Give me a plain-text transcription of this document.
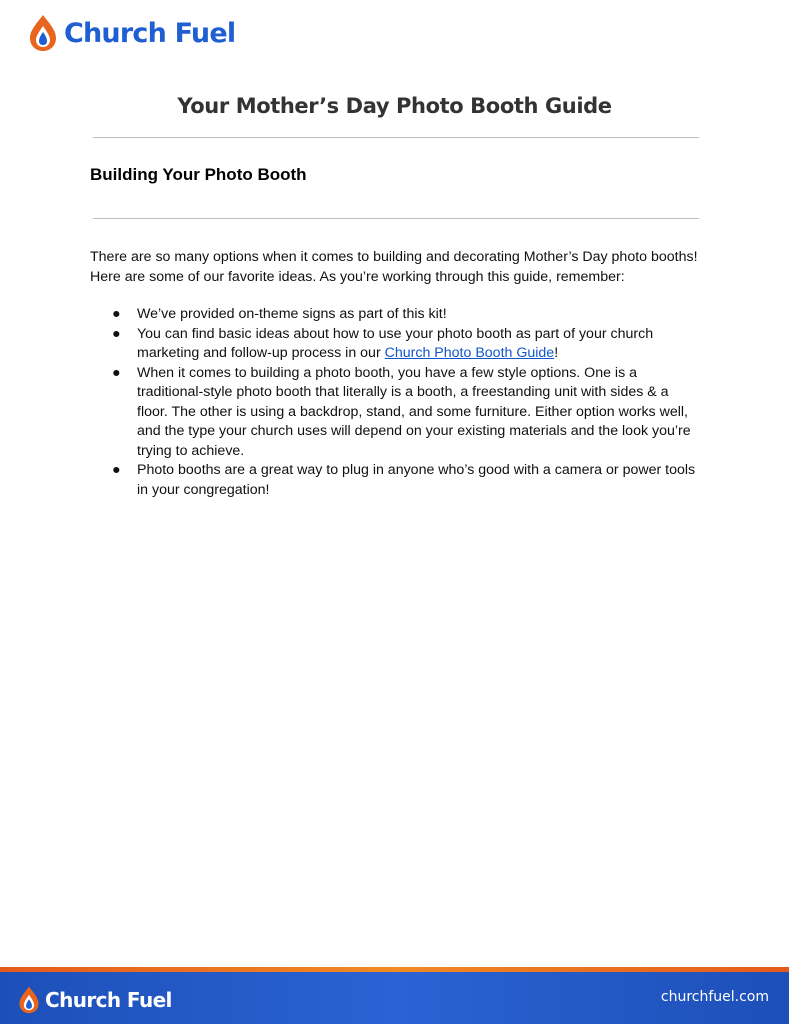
Church Fuel
Your Mother’s Day Photo Booth Guide
Building Your Photo Booth

There are so many options when it comes to building and decorating Mother’s Day photo booths! Here are some of our favorite ideas. As you’re working through this guide, remember:

● We’ve provided on-theme signs as part of this kit!
● You can find basic ideas about how to use your photo booth as part of your church marketing and follow-up process in our Church Photo Booth Guide!
● When it comes to building a photo booth, you have a few style options. One is a traditional-style photo booth that literally is a booth, a freestanding unit with sides & a floor. The other is using a backdrop, stand, and some furniture. Either option works well, and the type your church uses will depend on your existing materials and the look you’re trying to achieve.
● Photo booths are a great way to plug in anyone who’s good with a camera or power tools in your congregation!
Church Fuel	churchfuel.com
